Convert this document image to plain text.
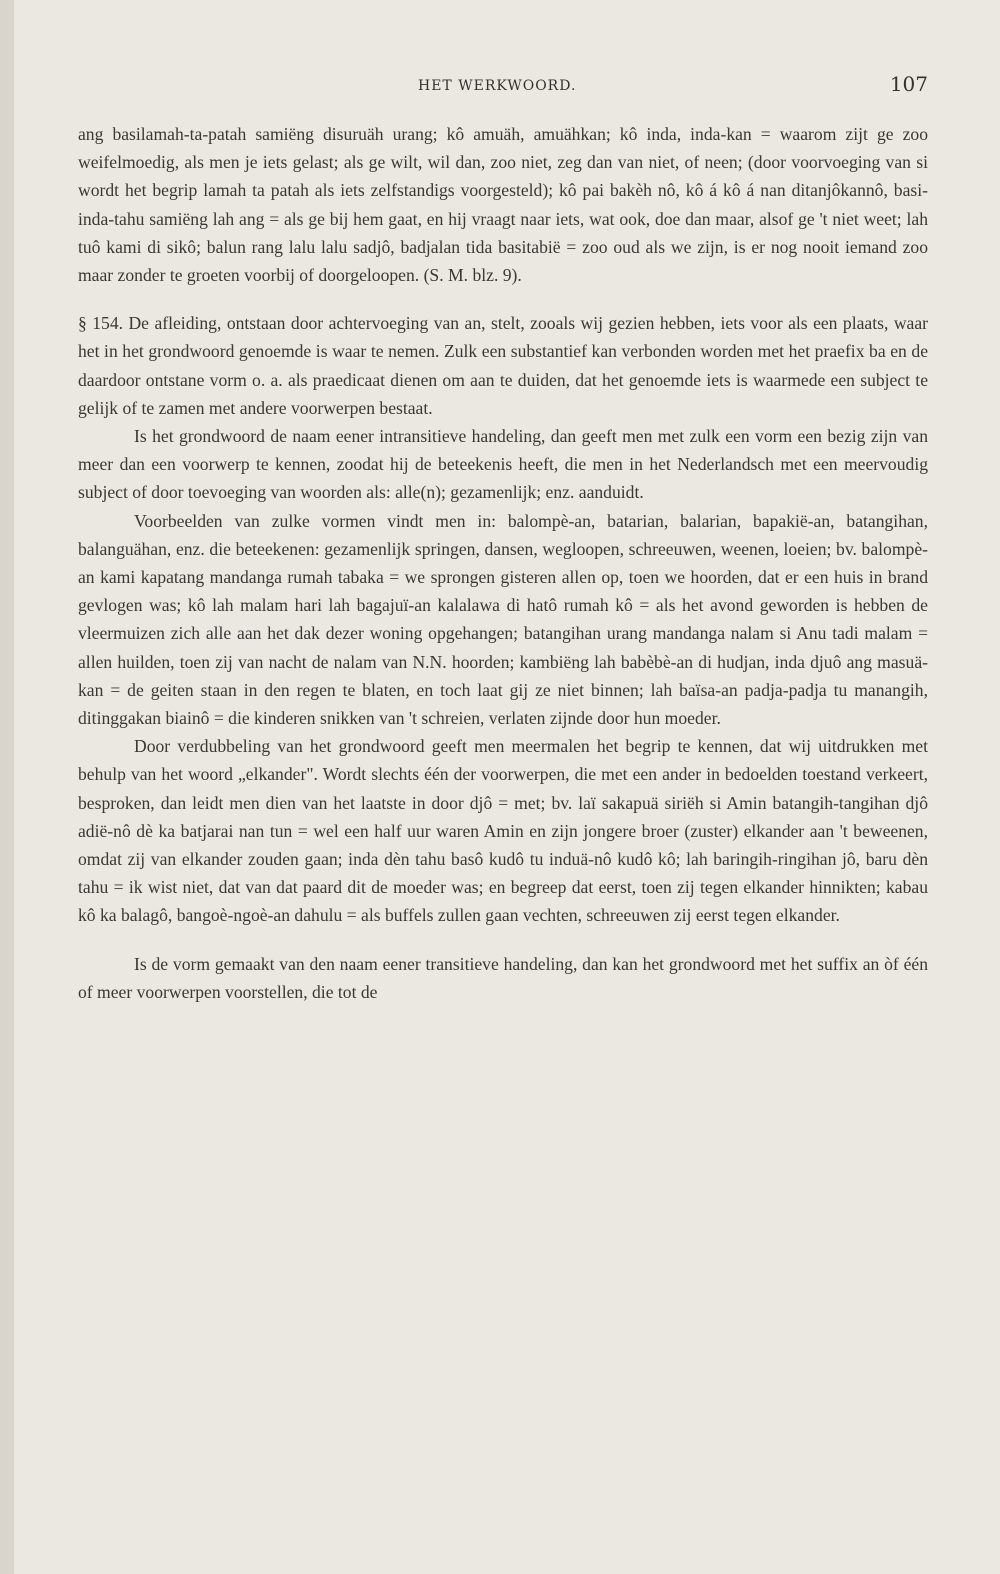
HET WERKWOORD.	107

ang basilamah-ta-patah samiëng disuruäh urang; kô amuäh, amuähkan; kô inda, inda-kan = waarom zijt ge zoo weifelmoedig, als men je iets gelast; als ge wilt, wil dan, zoo niet, zeg dan van niet, of neen; (door voorvoeging van si wordt het begrip lamah ta patah als iets zelfstandigs voorgesteld); kô pai bakèh nô, kô á kô á nan ditanjôkannô, basi-inda-tahu samiëng lah ang = als ge bij hem gaat, en hij vraagt naar iets, wat ook, doe dan maar, alsof ge 't niet weet; lah tuô kami di sikô; balun rang lalu lalu sadjô, badjalan tida basitabië = zoo oud als we zijn, is er nog nooit iemand zoo maar zonder te groeten voorbij of doorgeloopen. (S. M. blz. 9).

§ 154. De afleiding, ontstaan door achtervoeging van an, stelt, zooals wij gezien hebben, iets voor als een plaats, waar het in het grondwoord genoemde is waar te nemen. Zulk een substantief kan verbonden worden met het praefix ba en de daardoor ontstane vorm o. a. als praedicaat dienen om aan te duiden, dat het genoemde iets is waarmede een subject te gelijk of te zamen met andere voorwerpen bestaat.

Is het grondwoord de naam eener intransitieve handeling, dan geeft men met zulk een vorm een bezig zijn van meer dan een voorwerp te kennen, zoodat hij de beteekenis heeft, die men in het Nederlandsch met een meervoudig subject of door toevoeging van woorden als: alle(n); gezamenlijk; enz. aanduidt.

Voorbeelden van zulke vormen vindt men in: balompè-an, batarian, balarian, bapakië-an, batangihan, balanguähan, enz. die beteekenen: gezamenlijk springen, dansen, wegloopen, schreeuwen, weenen, loeien; bv. balompè-an kami kapatang mandanga rumah tabaka = we sprongen gisteren allen op, toen we hoorden, dat er een huis in brand gevlogen was; kô lah malam hari lah bagajuï-an kalalawa di hatô rumah kô = als het avond geworden is hebben de vleermuizen zich alle aan het dak dezer woning opgehangen; batangihan urang mandanga nalam si Anu tadi malam = allen huilden, toen zij van nacht de nalam van N.N. hoorden; kambiëng lah babèbè-an di hudjan, inda djuô ang masuä-kan = de geiten staan in den regen te blaten, en toch laat gij ze niet binnen; lah baïsa-an padja-padja tu manangih, ditinggakan biainô = die kinderen snikken van 't schreien, verlaten zijnde door hun moeder.

Door verdubbeling van het grondwoord geeft men meermalen het begrip te kennen, dat wij uitdrukken met behulp van het woord „elkander". Wordt slechts één der voorwerpen, die met een ander in bedoelden toestand verkeert, besproken, dan leidt men dien van het laatste in door djô = met; bv. laï sakapuä siriëh si Amin batangih-tangihan djô adië-nô dè ka batjarai nan tun = wel een half uur waren Amin en zijn jongere broer (zuster) elkander aan 't beweenen, omdat zij van elkander zouden gaan; inda dèn tahu basô kudô tu induä-nô kudô kô; lah baringih-ringihan jô, baru dèn tahu = ik wist niet, dat van dat paard dit de moeder was; en begreep dat eerst, toen zij tegen elkander hinnikten; kabau kô ka balagô, bangoè-ngoè-an dahulu = als buffels zullen gaan vechten, schreeuwen zij eerst tegen elkander.

Is de vorm gemaakt van den naam eener transitieve handeling, dan kan het grondwoord met het suffix an òf één of meer voorwerpen voorstellen, die tot de
